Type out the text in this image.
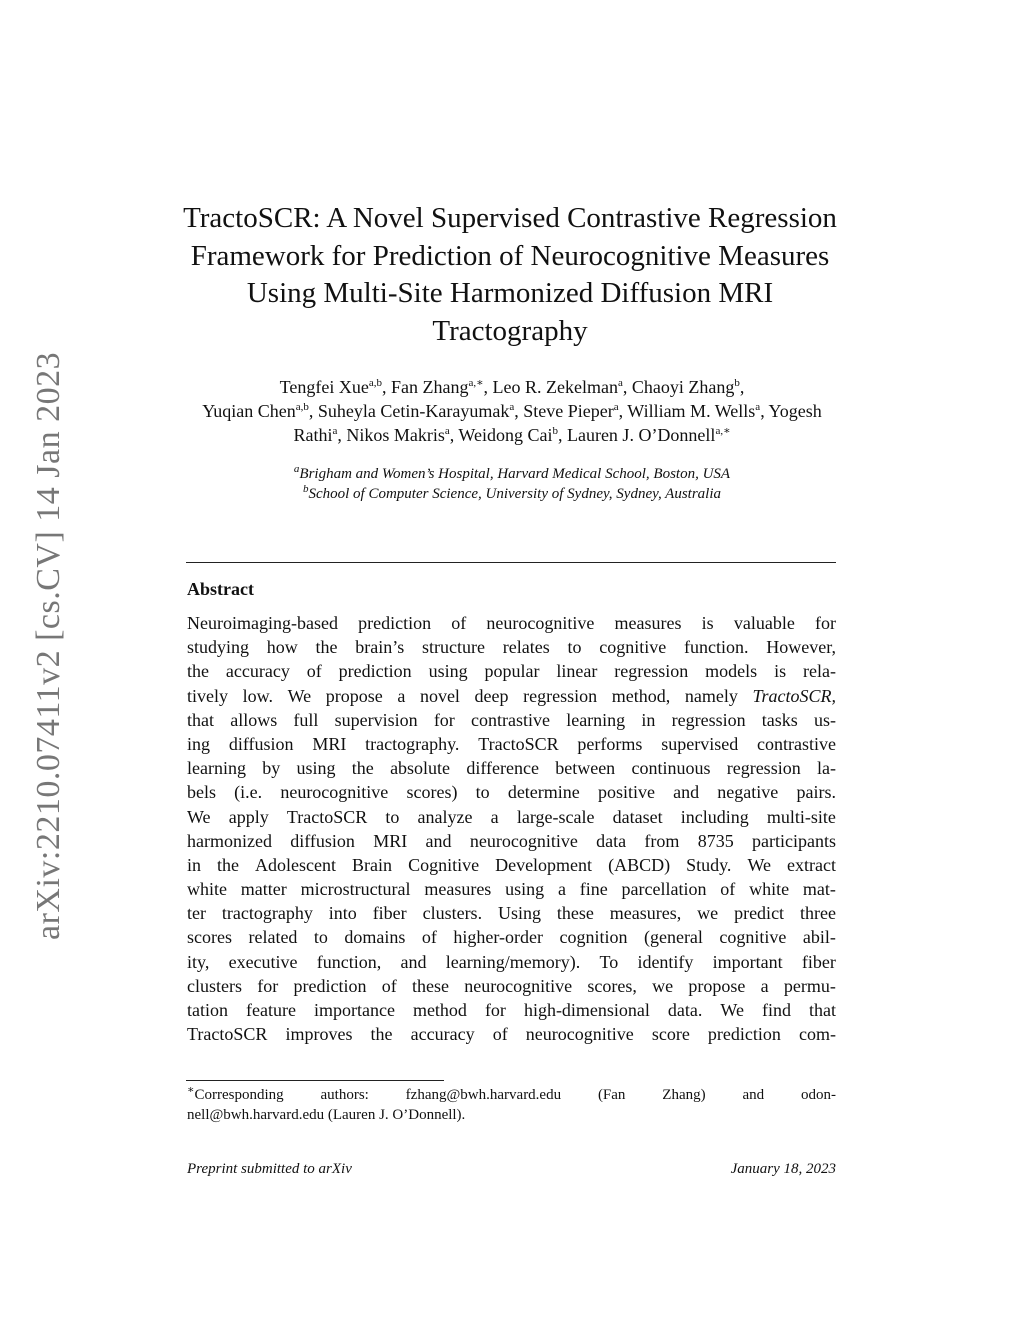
arXiv:2210.07411v2 [cs.CV] 14 Jan 2023
TractoSCR: A Novel Supervised Contrastive Regression
Framework for Prediction of Neurocognitive Measures
Using Multi-Site Harmonized Diffusion MRI
Tractography
Tengfei Xue$^{a,b}$, Fan Zhang$^{a,∗}$, Leo R. Zekelman$^a$, Chaoyi Zhang$^b$,
Yuqian Chen$^{a,b}$, Suheyla Cetin-Karayumak$^a$, Steve Pieper$^a$, William M. Wells$^a$, Yogesh Rathi$^a$, Nikos Makris$^a$, Weidong Cai$^b$, Lauren J. O’Donnell$^{a,∗}$
$^a$Brigham and Women’s Hospital, Harvard Medical School, Boston, USA
$^b$School of Computer Science, University of Sydney, Sydney, Australia
Abstract
Neuroimaging-based prediction of neurocognitive measures is valuable for
studying how the brain’s structure relates to cognitive function. However,
the accuracy of prediction using popular linear regression models is rela-
tively low. We propose a novel deep regression method, namely TractoSCR,
that allows full supervision for contrastive learning in regression tasks us-
ing diffusion MRI tractography. TractoSCR performs supervised contrastive
learning by using the absolute difference between continuous regression la-
bels (i.e. neurocognitive scores) to determine positive and negative pairs.
We apply TractoSCR to analyze a large-scale dataset including multi-site
harmonized diffusion MRI and neurocognitive data from 8735 participants
in the Adolescent Brain Cognitive Development (ABCD) Study. We extract
white matter microstructural measures using a fine parcellation of white mat-
ter tractography into fiber clusters. Using these measures, we predict three
scores related to domains of higher-order cognition (general cognitive abil-
ity, executive function, and learning/memory). To identify important fiber
clusters for prediction of these neurocognitive scores, we propose a permu-
tation feature importance method for high-dimensional data. We find that
TractoSCR improves the accuracy of neurocognitive score prediction com-
∗Corresponding authors: fzhang@bwh.harvard.edu (Fan Zhang) and odon-
nell@bwh.harvard.edu (Lauren J. O’Donnell).
Preprint submitted to arXiv	January 18, 2023
